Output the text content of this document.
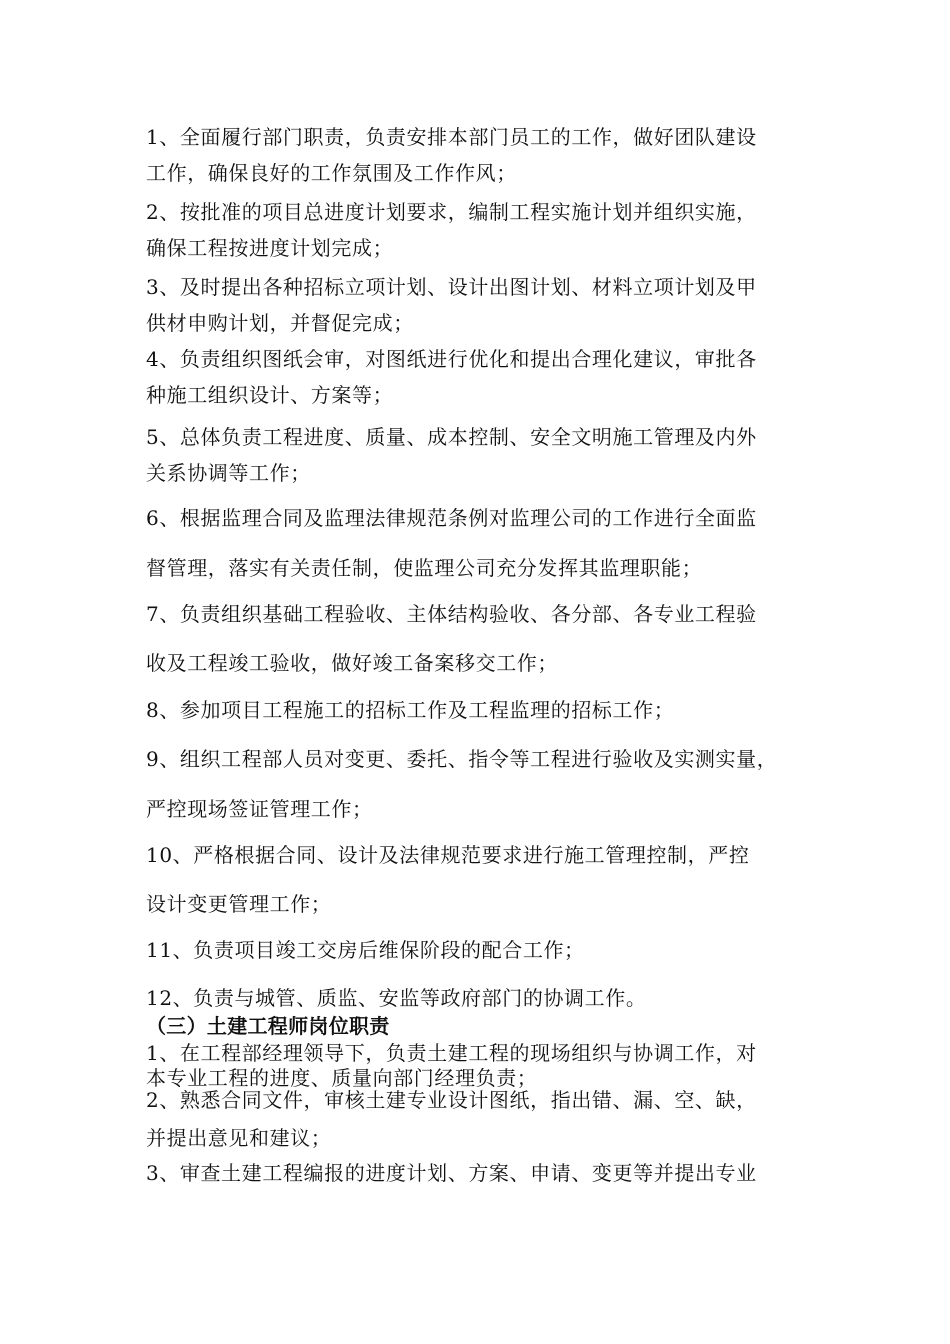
1、全面履行部门职责，负责安排本部门员工的工作，做好团队建设
工作，确保良好的工作氛围及工作作风；
2、按批准的项目总进度计划要求，编制工程实施计划并组织实施，
确保工程按进度计划完成；
3、及时提出各种招标立项计划、设计出图计划、材料立项计划及甲
供材申购计划，并督促完成；
4、负责组织图纸会审，对图纸进行优化和提出合理化建议，审批各
种施工组织设计、方案等；
5、总体负责工程进度、质量、成本控制、安全文明施工管理及内外
关系协调等工作；
6、根据监理合同及监理法律规范条例对监理公司的工作进行全面监
督管理，落实有关责任制，使监理公司充分发挥其监理职能；
7、负责组织基础工程验收、主体结构验收、各分部、各专业工程验
收及工程竣工验收，做好竣工备案移交工作；
8、参加项目工程施工的招标工作及工程监理的招标工作；
9、组织工程部人员对变更、委托、指令等工程进行验收及实测实量，
严控现场签证管理工作；
10、严格根据合同、设计及法律规范要求进行施工管理控制，严控
设计变更管理工作；
11、负责项目竣工交房后维保阶段的配合工作；
12、负责与城管、质监、安监等政府部门的协调工作。
（三）土建工程师岗位职责
1、在工程部经理领导下，负责土建工程的现场组织与协调工作，对
本专业工程的进度、质量向部门经理负责；
2、熟悉合同文件，审核土建专业设计图纸，指出错、漏、空、缺，
并提出意见和建议；
3、审查土建工程编报的进度计划、方案、申请、变更等并提出专业
